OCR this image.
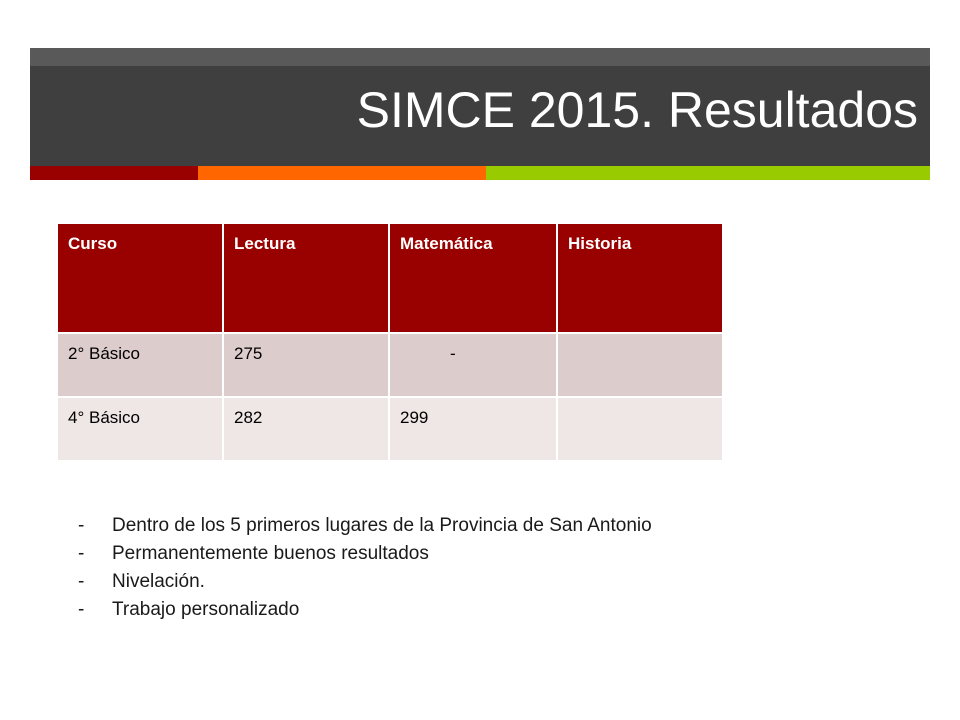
SIMCE 2015. Resultados
Curso	Lectura	Matemática	Historia
2° Básico	275	-	
4° Básico	282	299	
-	Dentro de los 5 primeros lugares de la Provincia de San Antonio
-	Permanentemente buenos resultados
-	Nivelación.
-	Trabajo personalizado
